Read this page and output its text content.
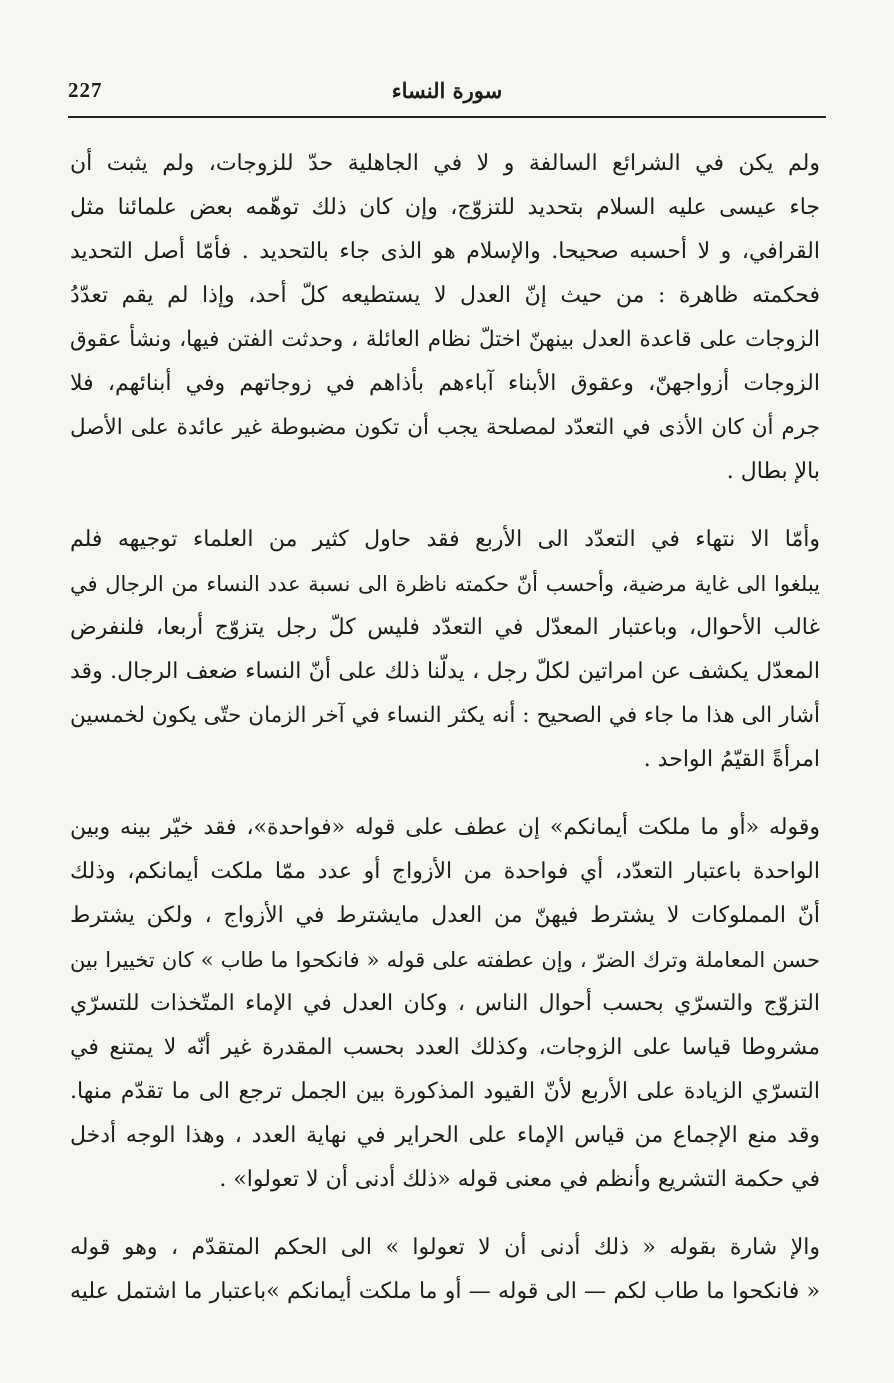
227	سورة النساء
ولم يكن في الشرائع السالفة و لا في الجاهلية حدّ للزوجات، ولم يثبت أن
جاء عيسى عليه السلام بتحديد للتزوّج، وإن كان ذلك توهّمه بعض علمائنا مثل
القرافي، و لا أحسبه صحيحا. والإسلام هو الذى جاء بالتحديد . فأمّا أصل التحديد
فحكمته ظاهرة : من حيث إنّ العدل لا يستطيعه كلّ أحد، وإذا لم يقم تعدّدُ
الزوجات على قاعدة العدل بينهنّ اختلّ نظام العائلة ، وحدثت الفتن فيها، ونشأ عقوق
الزوجات أزواجهنّ، وعقوق الأبناء آباءهم بأذاهم في زوجاتهم وفي أبنائهم، فلا
جرم أن كان الأذى في التعدّد لمصلحة يجب أن تكون مضبوطة غير عائدة على الأصل
بالإ بطال .
وأمّا الا نتهاء في التعدّد الى الأربع فقد حاول كثير من العلماء توجيهه فلم
يبلغوا الى غاية مرضية، وأحسب أنّ حكمته ناظرة الى نسبة عدد النساء من الرجال في
غالب الأحوال، وباعتبار المعدّل في التعدّد فليس كلّ رجل يتزوّج أربعا، فلنفرض
المعدّل يكشف عن امراتين لكلّ رجل ، يدلّنا ذلك على أنّ النساء ضعف الرجال. وقد
أشار الى هذا ما جاء في الصحيح : أنه يكثر النساء في آخر الزمان حتّى يكون لخمسين
امرأةً القيّمُ الواحد .
وقوله «أو ما ملكت أيمانكم» إن عطف على قوله «فواحدة»، فقد خيّر بينه وبين
الواحدة باعتبار التعدّد، أي فواحدة من الأزواج أو عدد ممّا ملكت أيمانكم، وذلك
أنّ المملوكات لا يشترط فيهنّ من العدل مايشترط في الأزواج ، ولكن يشترط
حسن المعاملة وترك الضرّ ، وإن عطفته على قوله « فانكحوا ما طاب » كان تخييرا بين
التزوّج والتسرّي بحسب أحوال الناس ، وكان العدل في الإماء المتّخذات للتسرّي
مشروطا قياسا على الزوجات، وكذلك العدد بحسب المقدرة غير أنّه لا يمتنع في
التسرّي الزيادة على الأربع لأنّ القيود المذكورة بين الجمل ترجع الى ما تقدّم منها.
وقد منع الإجماع من قياس الإماء على الحراير في نهاية العدد ، وهذا الوجه أدخل
في حكمة التشريع وأنظم في معنى قوله «ذلك أدنى أن لا تعولوا» .
والإ شارة بقوله « ذلك أدنى أن لا تعولوا » الى الحكم المتقدّم ، وهو قوله
« فانكحوا ما طاب لكم — الى قوله — أو ما ملكت أيمانكم »باعتبار ما اشتمل عليه
